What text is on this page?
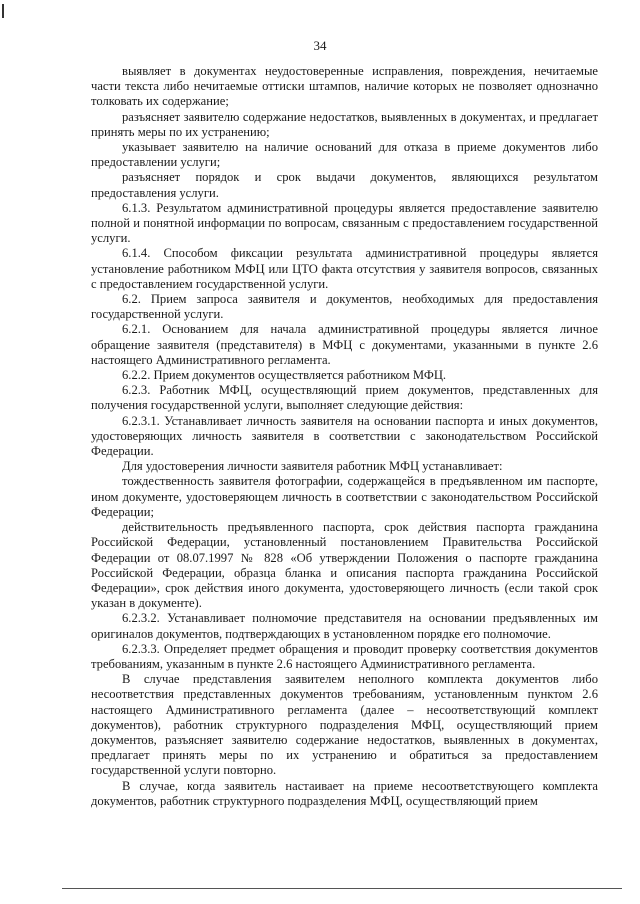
34

выявляет в документах неудостоверенные исправления, повреждения, нечитаемые части текста либо нечитаемые оттиски штампов, наличие которых не позволяет однозначно толковать их содержание;

разъясняет заявителю содержание недостатков, выявленных в документах, и предлагает принять меры по их устранению;

указывает заявителю на наличие оснований для отказа в приеме документов либо предоставлении услуги;

разъясняет порядок и срок выдачи документов, являющихся результатом предоставления услуги.

6.1.3. Результатом административной процедуры является предоставление заявителю полной и понятной информации по вопросам, связанным с предоставлением государственной услуги.

6.1.4. Способом фиксации результата административной процедуры является установление работником МФЦ или ЦТО факта отсутствия у заявителя вопросов, связанных с предоставлением государственной услуги.

6.2. Прием запроса заявителя и документов, необходимых для предоставления государственной услуги.

6.2.1. Основанием для начала административной процедуры является личное обращение заявителя (представителя) в МФЦ с документами, указанными в пункте 2.6 настоящего Административного регламента.

6.2.2. Прием документов осуществляется работником МФЦ.

6.2.3. Работник МФЦ, осуществляющий прием документов, представленных для получения государственной услуги, выполняет следующие действия:

6.2.3.1. Устанавливает личность заявителя на основании паспорта и иных документов, удостоверяющих личность заявителя в соответствии с законодательством Российской Федерации.

Для удостоверения личности заявителя работник МФЦ устанавливает:

тождественность заявителя фотографии, содержащейся в предъявленном им паспорте, ином документе, удостоверяющем личность в соответствии с законодательством Российской Федерации;

действительность предъявленного паспорта, срок действия паспорта гражданина Российской Федерации, установленный постановлением Правительства Российской Федерации от 08.07.1997 № 828 «Об утверждении Положения о паспорте гражданина Российской Федерации, образца бланка и описания паспорта гражданина Российской Федерации», срок действия иного документа, удостоверяющего личность (если такой срок указан в документе).

6.2.3.2. Устанавливает полномочие представителя на основании предъявленных им оригиналов документов, подтверждающих в установленном порядке его полномочие.

6.2.3.3. Определяет предмет обращения и проводит проверку соответствия документов требованиям, указанным в пункте 2.6 настоящего Административного регламента.

В случае представления заявителем неполного комплекта документов либо несоответствия представленных документов требованиям, установленным пунктом 2.6 настоящего Административного регламента (далее – несоответствующий комплект документов), работник структурного подразделения МФЦ, осуществляющий прием документов, разъясняет заявителю содержание недостатков, выявленных в документах, предлагает принять меры по их устранению и обратиться за предоставлением государственной услуги повторно.

В случае, когда заявитель настаивает на приеме несоответствующего комплекта документов, работник структурного подразделения МФЦ, осуществляющий прием
